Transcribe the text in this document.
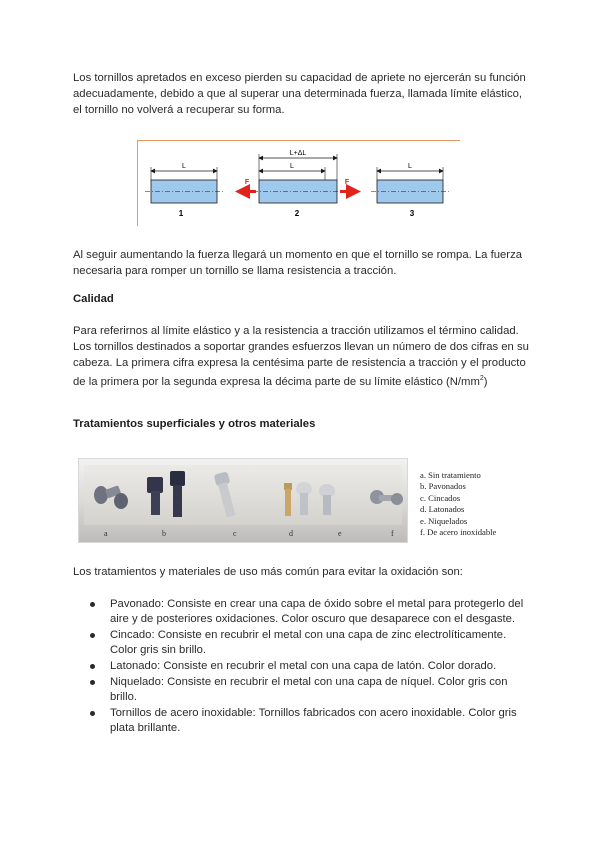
Los tornillos apretados en exceso pierden su capacidad de apriete no ejercerán su función adecuadamente, debido a que al superar una determinada fuerza, llamada límite elástico, el tornillo no volverá a recuperar su forma.

L
1
L+ΔL
L
F	F
2
L
3

Al seguir aumentando la fuerza llegará un momento en que el tornillo se rompa. La fuerza necesaria para romper un tornillo se llama resistencia a tracción.

Calidad

Para referirnos al límite elástico y a la resistencia a tracción utilizamos el término calidad. Los tornillos destinados a soportar grandes esfuerzos llevan un número de dos cifras en su cabeza. La primera cifra expresa la centésima parte de resistencia a tracción y el producto de la primera por la segunda expresa la décima parte de su límite elástico $(N/mm^2)$

Tratamientos superficiales y otros materiales
a	b	c	d	e	f
a. Sin tratamiento
b. Pavonados
c. Cincados
d. Latonados
e. Niquelados
f. De acero inoxidable

Los tratamientos y materiales de uso más común para evitar la oxidación son:

Pavonado: Consiste en crear una capa de óxido sobre el metal para protegerlo del aire y de posteriores oxidaciones. Color oscuro que desaparece con el desgaste.
Cincado: Consiste en recubrir el metal con una capa de zinc electrolíticamente. Color gris sin brillo.
Latonado: Consiste en recubrir el metal con una capa de latón. Color dorado.
Niquelado: Consiste en recubrir el metal con una capa de níquel. Color gris con brillo.
Tornillos de acero inoxidable: Tornillos fabricados con acero inoxidable. Color gris plata brillante.
